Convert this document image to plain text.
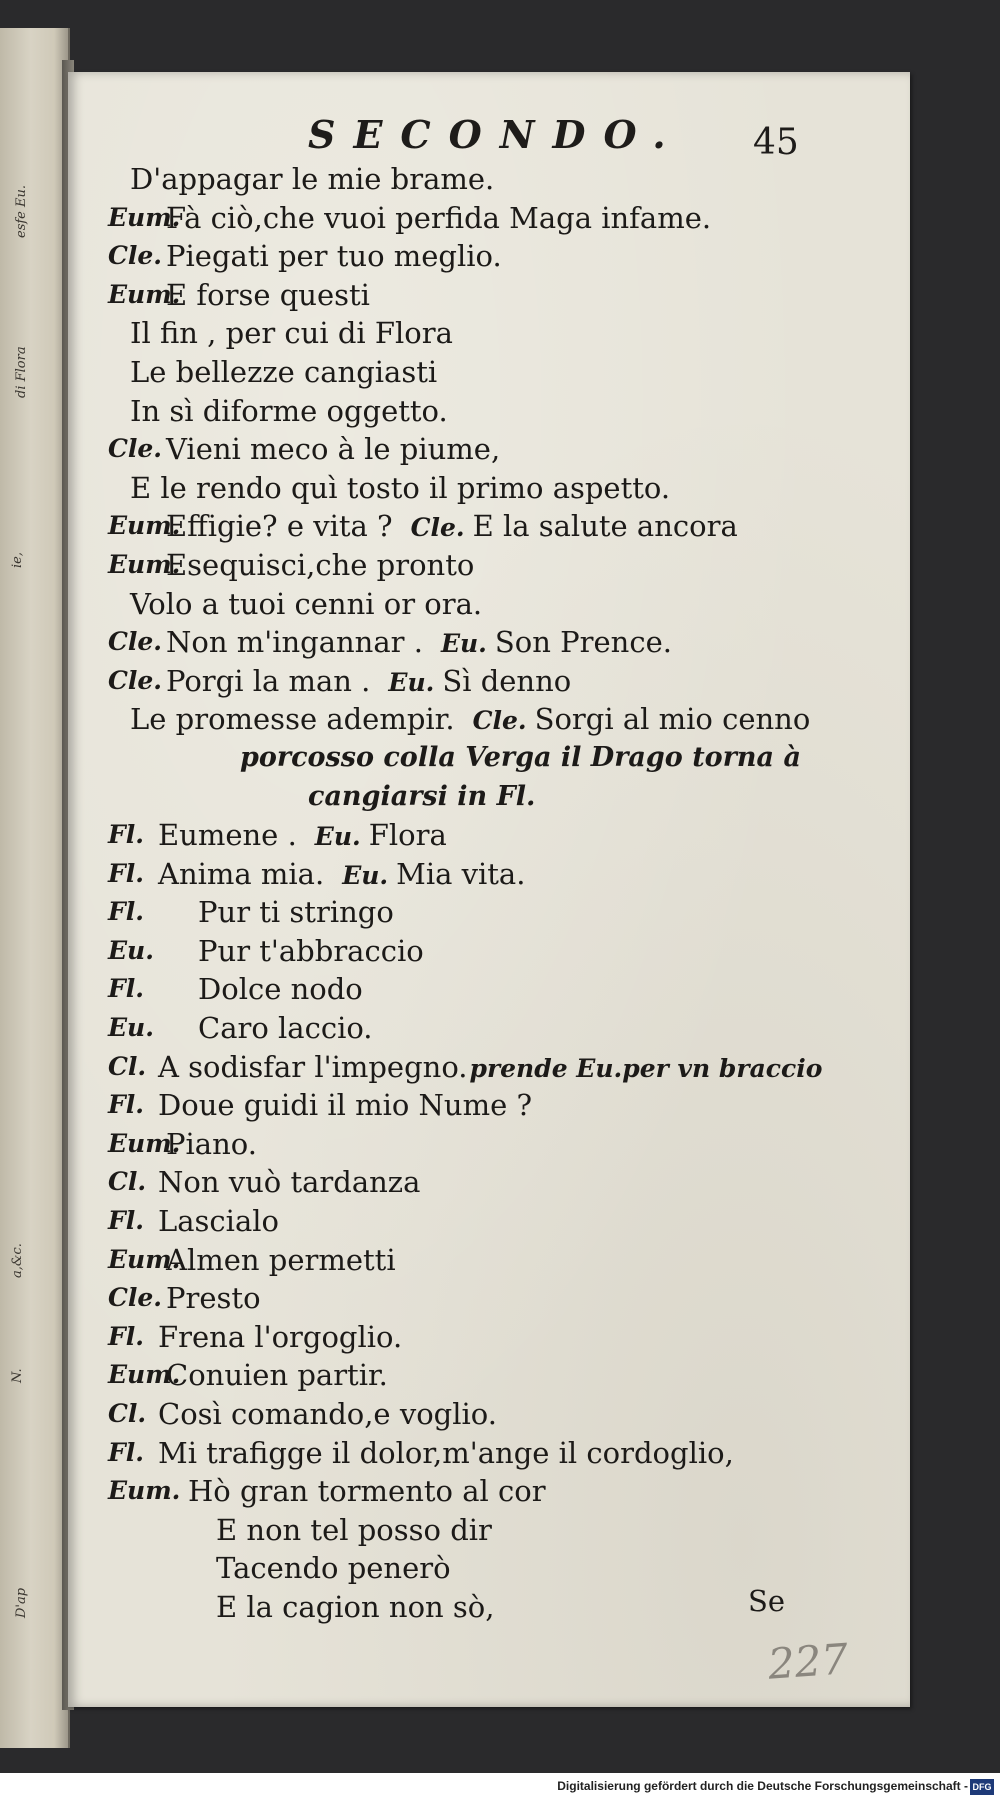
esfe Eu.
di Flora
ie,
a,&c.
N.
D'ap
SECONDO. 45
D'appagar le mie brame.
Eum.
Fà ciò,che vuoi perfida Maga infame.
Cle. Piegati per tuo meglio.
Eum.
E forse questi
Il fin , per cui di Flora
Le bellezze cangiasti
In sì diforme oggetto.
Cle. Vieni meco à le piume,
E le rendo quì tosto il primo aspetto.
Eum.
Effigie? e vita ? Cle. E la salute ancora
Eum.
Esequisci,che pronto
Volo a tuoi cenni or ora.
Cle. Non m'ingannar . Eu. Son Prence.
Cle. Porgi la man . Eu. Sì denno
Le promesse adempir. Cle. Sorgi al mio cenno
porcosso colla Verga il Drago torna à
cangiarsi in Fl.
Fl. Eumene . Eu. Flora
Fl. Anima mia. Eu. Mia vita.
Fl. Pur ti stringo
Eu. Pur t'abbraccio
Fl. Dolce nodo
Eu. Caro laccio.
Cl. A sodisfar l'impegno.prende Eu.per vn braccio
Fl. Doue guidi il mio Nume ?
Eum.
Piano.
Cl. Non vuò tardanza
Fl. Lascialo
Eum.
Almen permetti
Cle. Presto
Fl. Frena l'orgoglio.
Eum.
Conuien partir.
Cl. Così comando,e voglio.
Fl. Mi trafigge il dolor,m'ange il cordoglio,
Eum. Hò gran tormento al cor
E non tel posso dir
Tacendo penerò
E la cagion non sò,	Se
227
Digitalisierung gefördert durch die Deutsche Forschungsgemeinschaft - DFG
